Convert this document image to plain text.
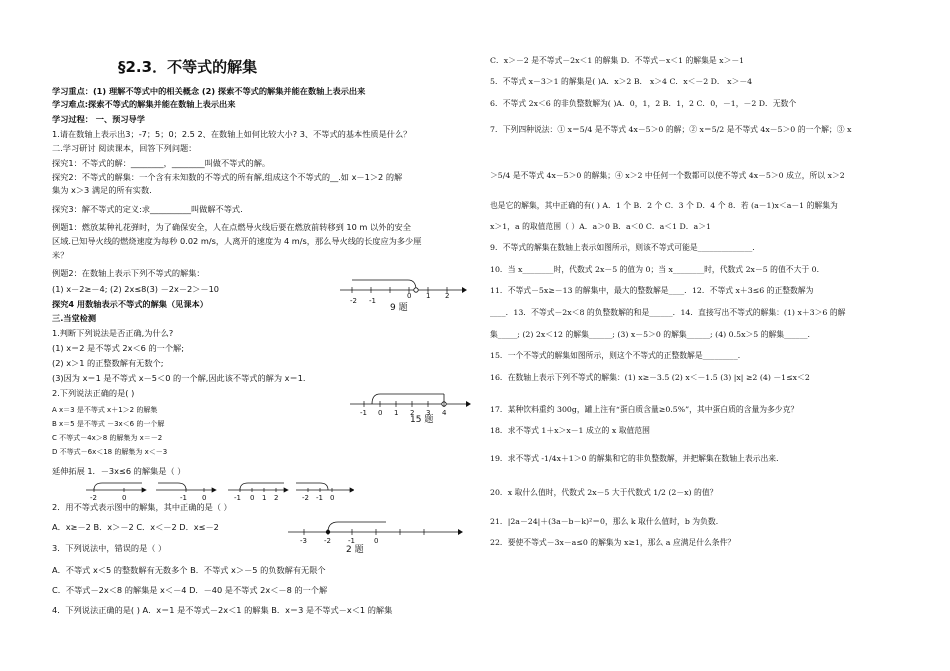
§2.3．不等式的解集
学习重点：(1) 理解不等式中的相关概念 (2) 探索不等式的解集并能在数轴上表示出来
学习难点:探索不等式的解集并能在数轴上表示出来
学习过程： 一、预习导学
1.请在数轴上表示出3；-7；5；0；2.5 2、在数轴上如何比较大小? 3、不等式的基本性质是什么？
二.学习研讨 阅读课本，回答下列问题：
探究1：不等式的解：________，________叫做不等式的解。
探究2：不等式的解集：一个含有未知数的不等式的所有解,组成这个不等式的__.如 x－1＞2 的解
集为 x＞3 满足的所有实数.
探究3：解不等式的定义:求__________叫做解不等式.
例题1：燃放某种礼花弹时，为了确保安全，人在点燃导火线后要在燃放前转移到 10 m 以外的安全
区域.已知导火线的燃烧速度为每秒 0.02 m/s，人离开的速度为 4 m/s，那么导火线的长度应为多少厘
米？
例题2：在数轴上表示下列不等式的解集：
(1) x－2≥－4; (2) 2x≤8(3) －2x－2＞－10
探究4 用数轴表示不等式的解集（见课本）
三.当堂检测
1.判断下列说法是否正确,为什么?
(1) x＝2 是不等式 2x＜6 的一个解;
(2) x＞1 的正整数解有无数个;
(3)因为 x＝1 是不等式 x－5＜0 的一个解,因此该不等式的解为 x＝1.
2.下列说法正确的是( )
A x＝3 是不等式 x＋1＞2 的解集
B x＝5 是不等式 －3x＜6 的一个解
C 不等式－4x＞8 的解集为 x＝－2
D 不等式－6x＜18 的解集为 x＜－3
延伸拓展 1．－3x≤6 的解集是（ ）
2．用不等式表示图中的解集，其中正确的是（ ）
A．x≥－2 B．x＞－2 C．x＜－2 D．x≤－2
3．下列说法中，错误的是（ ）
A．不等式 x＜5 的整数解有无数多个 B．不等式 x＞－5 的负数解有无限个
C．不等式－2x＜8 的解集是 x＜－4 D．－40 是不等式 2x＜－8 的一个解
4．下列说法正确的是( ) A．x＝1 是不等式－2x＜1 的解集 B．x＝3 是不等式－x＜1 的解集
-2 -1
0 1 2
9 题
-1 0 1 2 3 4
15 题
-2	0	-1 0	-1 0 1 2	-2 -1 0
-3 -2 -1	0
2 题
C．x＞－2 是不等式－2x＜1 的解集 D．不等式－x＜1 的解集是 x＞－1
5．不等式 x－3＞1 的解集是( )A．x＞2 B． x＞4 C．x＜－2 D． x＞－4
6．不等式 2x＜6 的非负整数解为( )A．0，1，2 B．1，2 C．0，－1，－2 D．无数个
7．下列四种说法：① x＝5/4 是不等式 4x－5＞0 的解；② x＝5/2 是不等式 4x－5＞0 的一个解；③ x
＞5/4 是不等式 4x－5＞0 的解集；④ x＞2 中任何一个数都可以使不等式 4x－5＞0 成立，所以 x＞2
也是它的解集，其中正确的有( ) A．1 个 B．2 个 C．3 个 D．4 个 8．若 (a－1)x＜a－1 的解集为
x＞1，a 的取值范围（ ）A．a＞0 B．a＜0 C．a＜1 D．a＞1
9．不等式的解集在数轴上表示如图所示，则该不等式可能是______________．
10．当 x________时，代数式 2x－5 的值为 0；当 x________时，代数式 2x－5 的值不大于 0．
11．不等式－5x≥－13 的解集中，最大的整数解是____．12．不等式 x＋3≤6 的正整数解为
____．13．不等式－2x＜8 的负整数解的和是______．14．直接写出不等式的解集：(1) x＋3＞6 的解
集_____; (2) 2x＜12 的解集______; (3) x－5＞0 的解集______; (4) 0.5x＞5 的解集______．
15．一个不等式的解集如图所示，则这个不等式的正整数解是_________．
16．在数轴上表示下列不等式的解集：(1) x≥－3.5 (2) x＜－1.5 (3) |x| ≥2 (4) －1≤x＜2
17．某种饮料重约 300g，罐上注有“蛋白质含量≥0.5%”，其中蛋白质的含量为多少克？
18．求不等式 1＋x＞x－1 成立的 x 取值范围
19．求不等式 -1/4x＋1＞0 的解集和它的非负整数解，并把解集在数轴上表示出来．
20．x 取什么值时，代数式 2x－5 大于代数式 1/2 (2－x) 的值？
21．|2a－24|＋(3a－b－k)²＝0，那么 k 取什么值时，b 为负数．
22．要使不等式－3x－a≤0 的解集为 x≥1，那么 a 应满足什么条件？
